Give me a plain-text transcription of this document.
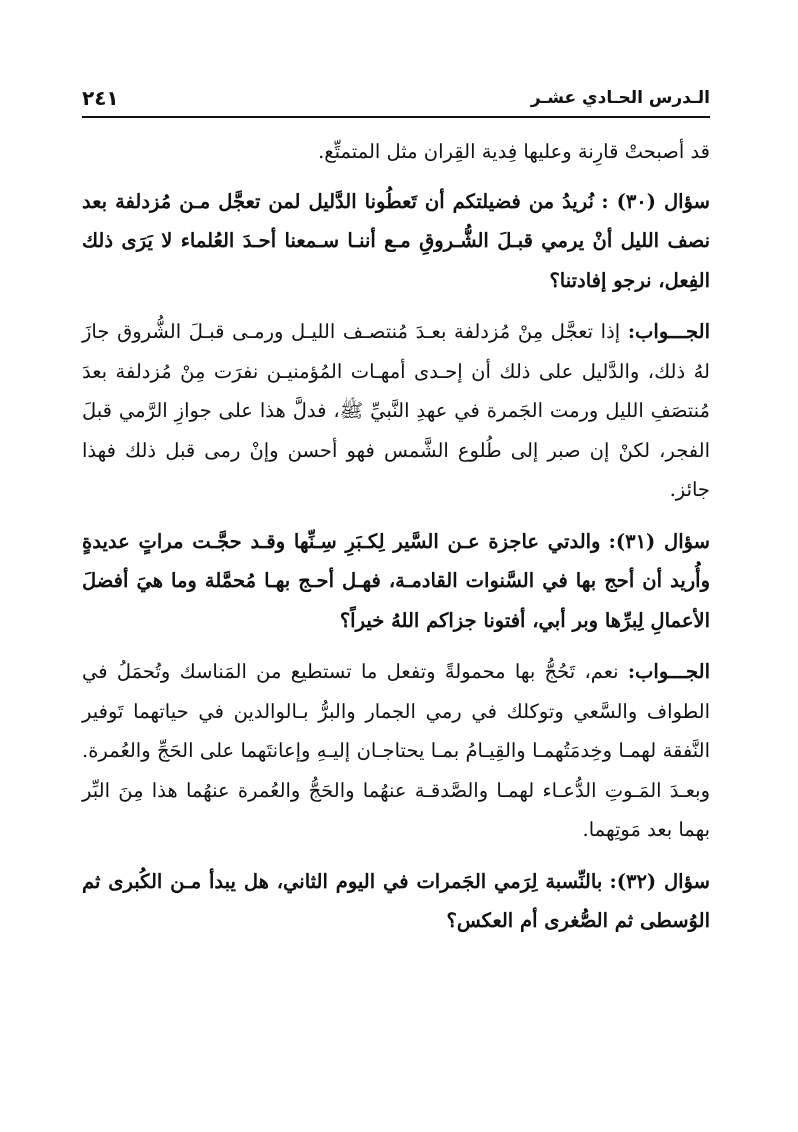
الـدرس الحـادي عشـر
٢٤١

قد أصبحتْ قارِنة وعليها فِدية القِران مثل المتمتِّع.

سؤال (٣٠) : نُريدُ من فضيلتكم أن تَعطُونا الدَّليل لمن تعجَّل مـن مُزدلفة بعد نصف الليل أنْ يرمي قبـلَ الشُّـروقِ مـع أننـا سـمعنا أحـدَ العُلماء لا يَرَى ذلك الفِعل، نرجو إفادتنا؟

الجـــواب: إذا تعجَّل مِنْ مُزدلفة بعـدَ مُنتصـف الليـل ورمـى قبـلَ الشُّروق جازَ لهُ ذلك، والدَّليل على ذلك أن إحـدى أمهـات المُؤمنيـن نفرَت مِنْ مُزدلفة بعدَ مُنتصَفِ الليل ورمت الجَمرة في عهدِ النَّبيِّ ﷺ، فدلَّ هذا على جوازِ الرَّمي قبلَ الفجر، لكنْ إن صبر إلى طُلوع الشَّمس فهو أحسن وإنْ رمى قبل ذلك فهذا جائز.

سؤال (٣١): والدتي عاجزة عـن السَّير لِكـبَرِ سِـنِّها وقـد حجَّـت مراتٍ عديدةٍ وأُريد أن أحج بها في السَّنوات القادمـة، فهـل أحـج بهـا مُحمَّلة وما هيَ أفضلَ الأعمالِ لِبرِّها وبر أبي، أفتونا جزاكم اللهُ خيراً؟

الجـــواب: نعم، تَحُجُّ بها محمولةً وتفعل ما تستطيع من المَناسك وتُحمَلُ في الطواف والسَّعي وتوكلك في رمي الجمار والبرُّ بـالوالدين في حياتهما تَوفير النَّفقة لهمـا وخِدمَتُهمـا والقِيـامُ بمـا يحتاجـان إليـهِ وإعانتَهما على الحَجِّ والعُمرة. وبعـدَ المَـوتِ الدُّعـاء لهمـا والصَّدقـة عنهُما والحَجُّ والعُمرة عنهُما هذا مِنَ البِّر بهما بعد مَوتِهما.

سؤال (٣٢): بالنِّسبة لِرَمي الجَمرات في اليوم الثاني، هل يبدأ مـن الكُبرى ثم الوُسطى ثم الصُّغرى أم العكس؟
